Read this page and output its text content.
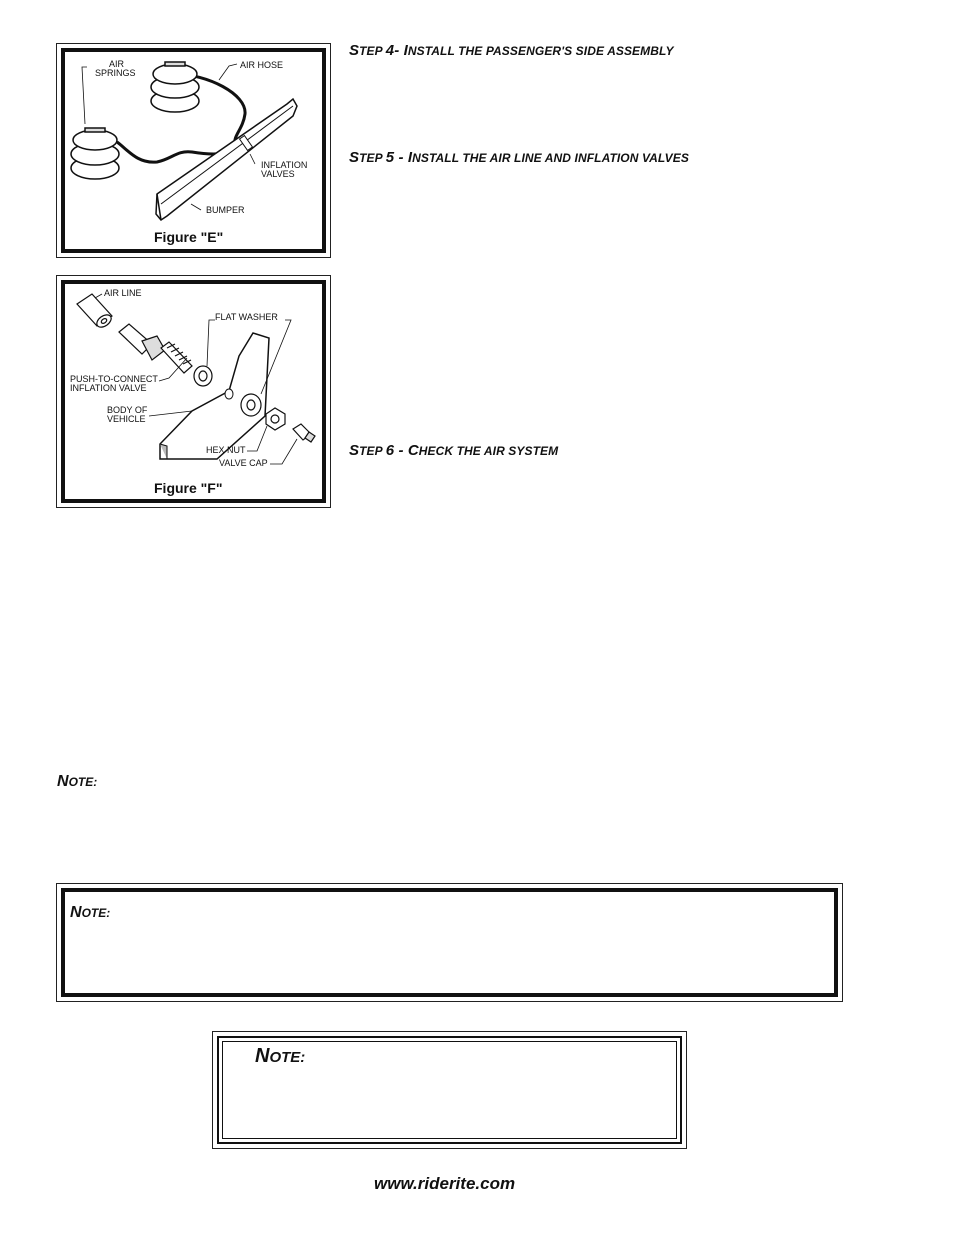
AIR
SPRINGS
AIR HOSE
INFLATION
VALVES
BUMPER
Figure "E"
AIR LINE
FLAT WASHER
PUSH-TO-CONNECT
INFLATION VALVE
BODY OF
VEHICLE
HEX NUT
VALVE CAP
Figure "F"
STEP 4- INSTALL THE PASSENGER'S SIDE ASSEMBLY
STEP 5 - INSTALL THE AIR LINE AND INFLATION VALVES
STEP 6 - CHECK THE AIR SYSTEM
NOTE:
NOTE:
NOTE:
www.riderite.com
